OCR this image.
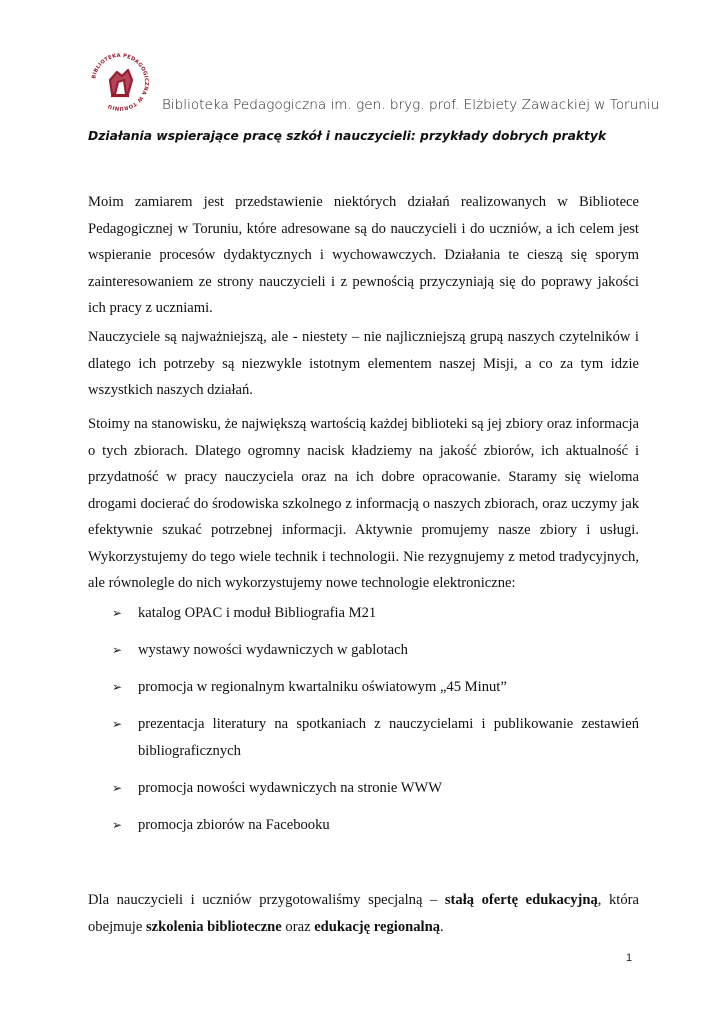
BIBLIOTEKA PEDAGOGICZNA W TORUNIU	Biblioteka Pedagogiczna im. gen. bryg. prof. Elżbiety Zawackiej w Toruniu
Działania wspierające pracę szkół i nauczycieli: przykłady dobrych praktyk

Moim zamiarem jest przedstawienie niektórych działań realizowanych w Bibliotece Pedagogicznej w Toruniu, które adresowane są do nauczycieli i do uczniów, a ich celem jest wspieranie procesów dydaktycznych i wychowawczych. Działania te cieszą się sporym zainteresowaniem ze strony nauczycieli i z pewnością przyczyniają się do poprawy jakości ich pracy z uczniami.

Nauczyciele są najważniejszą, ale - niestety – nie najliczniejszą grupą naszych czytelników i dlatego ich potrzeby są niezwykle istotnym elementem naszej Misji, a co za tym idzie wszystkich naszych działań.

Stoimy na stanowisku, że największą wartością każdej biblioteki są jej zbiory oraz informacja o tych zbiorach. Dlatego ogromny nacisk kładziemy na jakość zbiorów, ich aktualność i przydatność w pracy nauczyciela oraz na ich dobre opracowanie. Staramy się wieloma drogami docierać do środowiska szkolnego z informacją o naszych zbiorach, oraz uczymy jak efektywnie szukać potrzebnej informacji. Aktywnie promujemy nasze zbiory i usługi. Wykorzystujemy do tego wiele technik i technologii. Nie rezygnujemy z metod tradycyjnych, ale równolegle do nich wykorzystujemy nowe technologie elektroniczne:

➢ katalog OPAC i moduł Bibliografia M21
➢ wystawy nowości wydawniczych w gablotach
➢ promocja w regionalnym kwartalniku oświatowym „45 Minut”
➢ prezentacja literatury na spotkaniach z nauczycielami i publikowanie zestawień bibliograficznych
➢ promocja nowości wydawniczych na stronie WWW
➢ promocja zbiorów na Facebooku

Dla nauczycieli i uczniów przygotowaliśmy specjalną – stałą ofertę edukacyjną, która obejmuje szkolenia biblioteczne oraz edukację regionalną.

1
